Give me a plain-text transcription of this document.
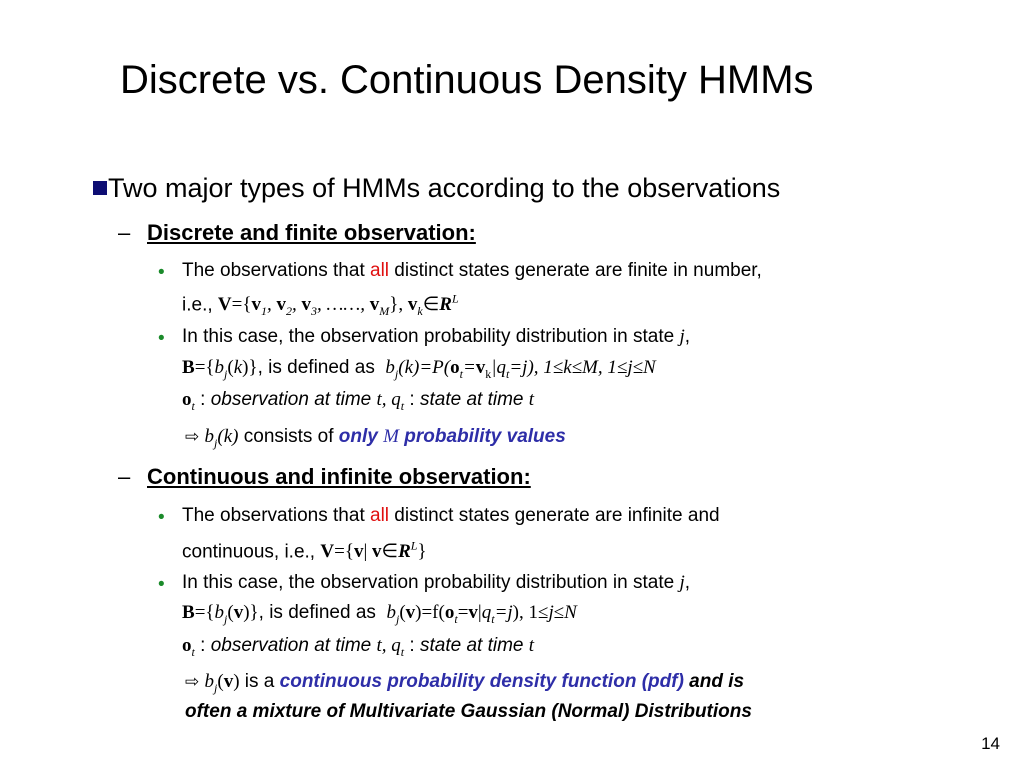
Discrete vs. Continuous Density HMMs
Two major types of HMMs according to the observations
– Discrete and finite observation:
• The observations that all distinct states generate are finite in number,
i.e., $V=\{v_1$, $v_2$, $v_3$, ……, $v_M$}, $v_k\in R^L$
• In this case, the observation probability distribution in state j,
$B=\{b_j(k)\}$, is defined as $b_j(k)=P(o_t=v_k|q_t=j)$, 1≤k≤M, 1≤j≤N
$o_t$ : observation at time t, $q_t$ : state at time t
⇨ $b_j(k)$ consists of only M probability values
– Continuous and infinite observation:
• The observations that all distinct states generate are infinite and
continuous, i.e., V={v| $v\in R^L$}
• In this case, the observation probability distribution in state j,
$B=\{b_j(v)\}$, is defined as $b_j(v)=f(o_t=v|q_t=j)$, 1≤j≤N
$o_t$ : observation at time t, $q_t$ : state at time t
⇨ $b_j(v)$ is a continuous probability density function (pdf) and is
often a mixture of Multivariate Gaussian (Normal) Distributions
14
